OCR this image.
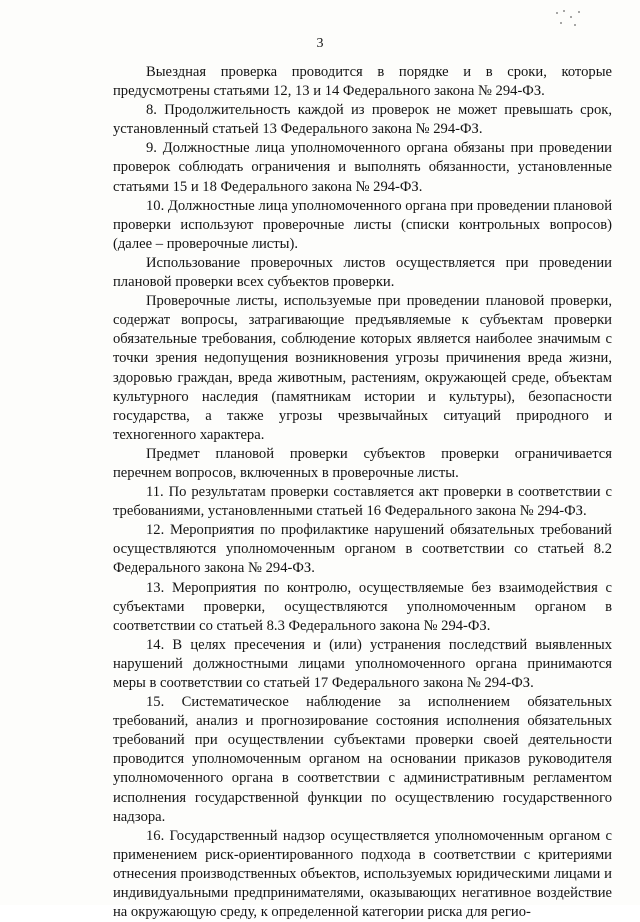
3

Выездная проверка проводится в порядке и в сроки, которые предусмотрены статьями 12, 13 и 14 Федерального закона № 294-ФЗ.

8. Продолжительность каждой из проверок не может превышать срок, установленный статьей 13 Федерального закона № 294-ФЗ.

9. Должностные лица уполномоченного органа обязаны при проведении проверок соблюдать ограничения и выполнять обязанности, установленные статьями 15 и 18 Федерального закона № 294-ФЗ.

10. Должностные лица уполномоченного органа при проведении плановой проверки используют проверочные листы (списки контрольных вопросов) (далее – проверочные листы).

Использование проверочных листов осуществляется при проведении плановой проверки всех субъектов проверки.

Проверочные листы, используемые при проведении плановой проверки, содержат вопросы, затрагивающие предъявляемые к субъектам проверки обязательные требования, соблюдение которых является наиболее значимым с точки зрения недопущения возникновения угрозы причинения вреда жизни, здоровью граждан, вреда животным, растениям, окружающей среде, объектам культурного наследия (памятникам истории и культуры), безопасности государства, а также угрозы чрезвычайных ситуаций природного и техногенного характера.

Предмет плановой проверки субъектов проверки ограничивается перечнем вопросов, включенных в проверочные листы.

11. По результатам проверки составляется акт проверки в соответствии с требованиями, установленными статьей 16 Федерального закона № 294-ФЗ.

12. Мероприятия по профилактике нарушений обязательных требований осуществляются уполномоченным органом в соответствии со статьей 8.2 Федерального закона № 294-ФЗ.

13. Мероприятия по контролю, осуществляемые без взаимодействия с субъектами проверки, осуществляются уполномоченным органом в соответствии со статьей 8.3 Федерального закона № 294-ФЗ.

14. В целях пресечения и (или) устранения последствий выявленных нарушений должностными лицами уполномоченного органа принимаются меры в соответствии со статьей 17 Федерального закона № 294-ФЗ.

15. Систематическое наблюдение за исполнением обязательных требований, анализ и прогнозирование состояния исполнения обязательных требований при осуществлении субъектами проверки своей деятельности проводится уполномоченным органом на основании приказов руководителя уполномоченного органа в соответствии с административным регламентом исполнения государственной функции по осуществлению государственного надзора.

16. Государственный надзор осуществляется уполномоченным органом с применением риск-ориентированного подхода в соответствии с критериями отнесения производственных объектов, используемых юридическими лицами и индивидуальными предпринимателями, оказывающих негативное воздействие на окружающую среду, к определенной категории риска для регио-
